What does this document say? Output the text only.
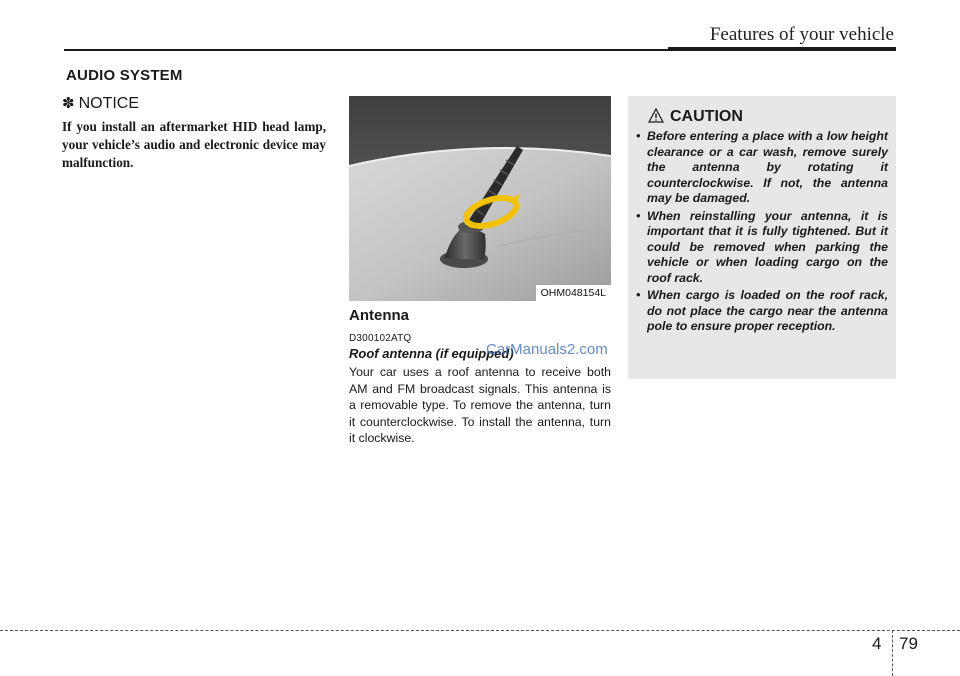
Features of your vehicle
AUDIO SYSTEM
✽ NOTICE
If you install an aftermarket HID head lamp, your vehicle’s audio and electronic device may malfunction.
OHM048154L
Antenna
D300102ATQ
Roof antenna (if equipped)
Your car uses a roof antenna to receive both AM and FM broadcast signals. This antenna is a removable type. To remove the antenna, turn it counterclockwise. To install the antenna, turn it clockwise.
CarManuals2.com
CAUTION
• Before entering a place with a low height clearance or a car wash, remove surely the antenna by rotating it counterclockwise. If not, the antenna may be damaged.
• When reinstalling your antenna, it is important that it is fully tightened. But it could be removed when parking the vehicle or when loading cargo on the roof rack.
• When cargo is loaded on the roof rack, do not place the cargo near the antenna pole to ensure proper reception.
4 79
